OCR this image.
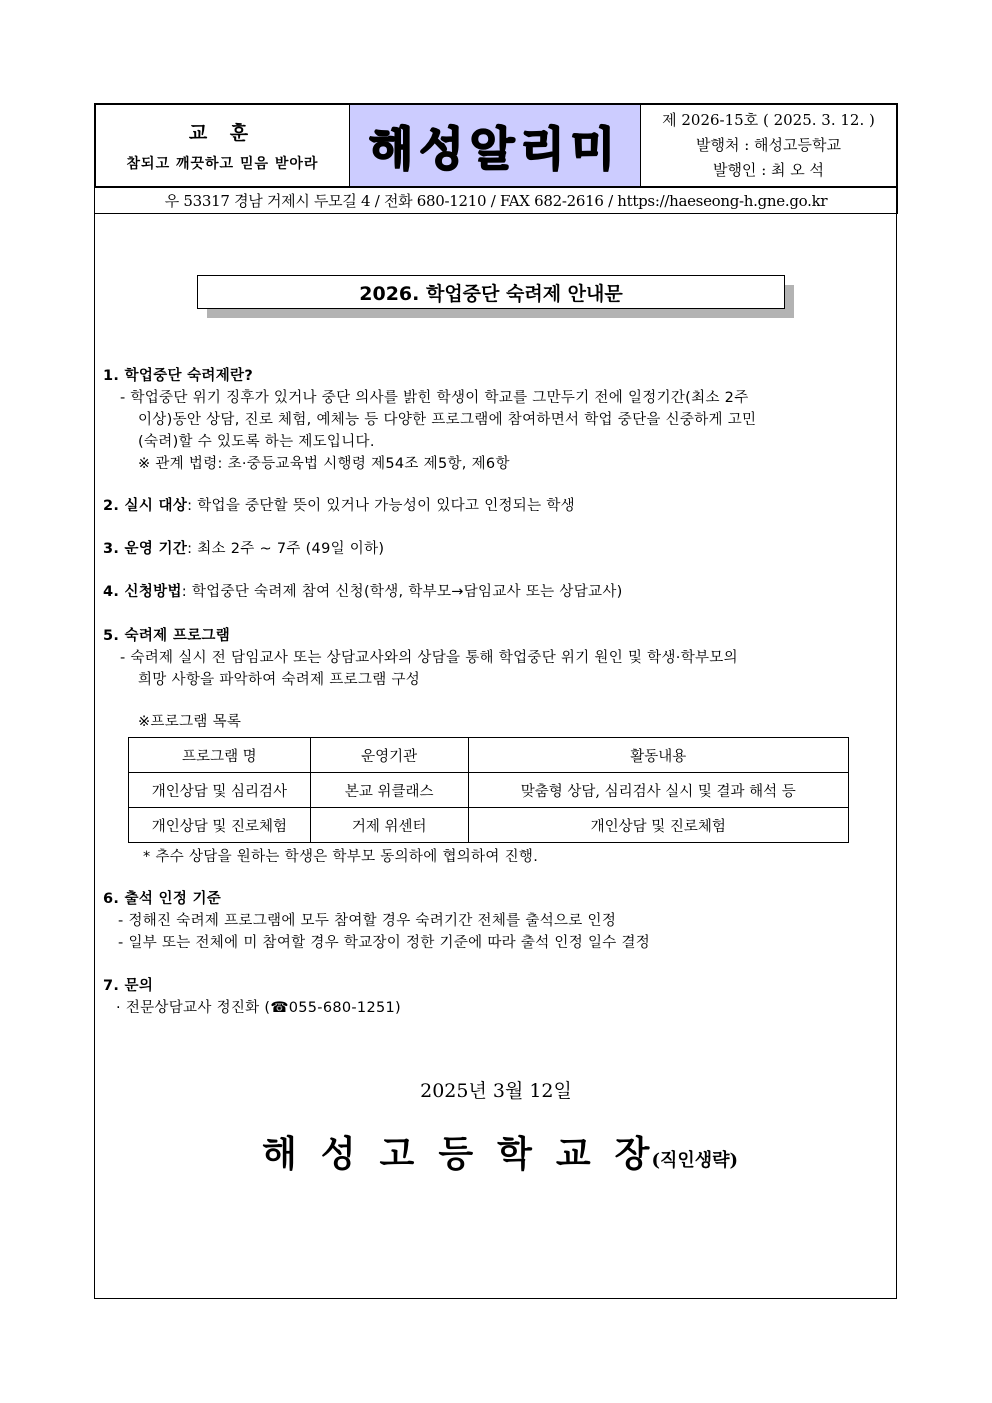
교 훈
참되고 깨끗하고 믿음 받아라 해성알리미
제 2026-15호 ( 2025. 3. 12. )
발행처 : 해성고등학교
발행인 : 최 오 석
우 53317 경남 거제시 두모길 4 / 전화 680-1210 / FAX 682-2616 / https://haeseong-h.gne.go.kr
2026. 학업중단 숙려제 안내문
1. 학업중단 숙려제란?
- 학업중단 위기 징후가 있거나 중단 의사를 밝힌 학생이 학교를 그만두기 전에 일정기간(최소 2주
이상)동안 상담, 진로 체험, 예체능 등 다양한 프로그램에 참여하면서 학업 중단을 신중하게 고민
(숙려)할 수 있도록 하는 제도입니다.
※ 관계 법령: 초·중등교육법 시행령 제54조 제5항, 제6항
2. 실시 대상: 학업을 중단할 뜻이 있거나 가능성이 있다고 인정되는 학생
3. 운영 기간: 최소 2주 ~ 7주 (49일 이하)
4. 신청방법: 학업중단 숙려제 참여 신청(학생, 학부모→담임교사 또는 상담교사)
5. 숙려제 프로그램
- 숙려제 실시 전 담임교사 또는 상담교사와의 상담을 통해 학업중단 위기 원인 및 학생·학부모의
희망 사항을 파악하여 숙려제 프로그램 구성
※프로그램 목록
프로그램 명	운영기관	활동내용
개인상담 및 심리검사	본교 위클래스	맞춤형 상담, 심리검사 실시 및 결과 해석 등
개인상담 및 진로체험	거제 위센터	개인상담 및 진로체험
* 추수 상담을 원하는 학생은 학부모 동의하에 협의하여 진행.
6. 출석 인정 기준
- 정해진 숙려제 프로그램에 모두 참여할 경우 숙려기간 전체를 출석으로 인정
- 일부 또는 전체에 미 참여할 경우 학교장이 정한 기준에 따라 출석 인정 일수 결정
7. 문의
· 전문상담교사 정진화 (☎055-680-1251)
2025년 3월 12일
해성고등학교장(직인생략)
